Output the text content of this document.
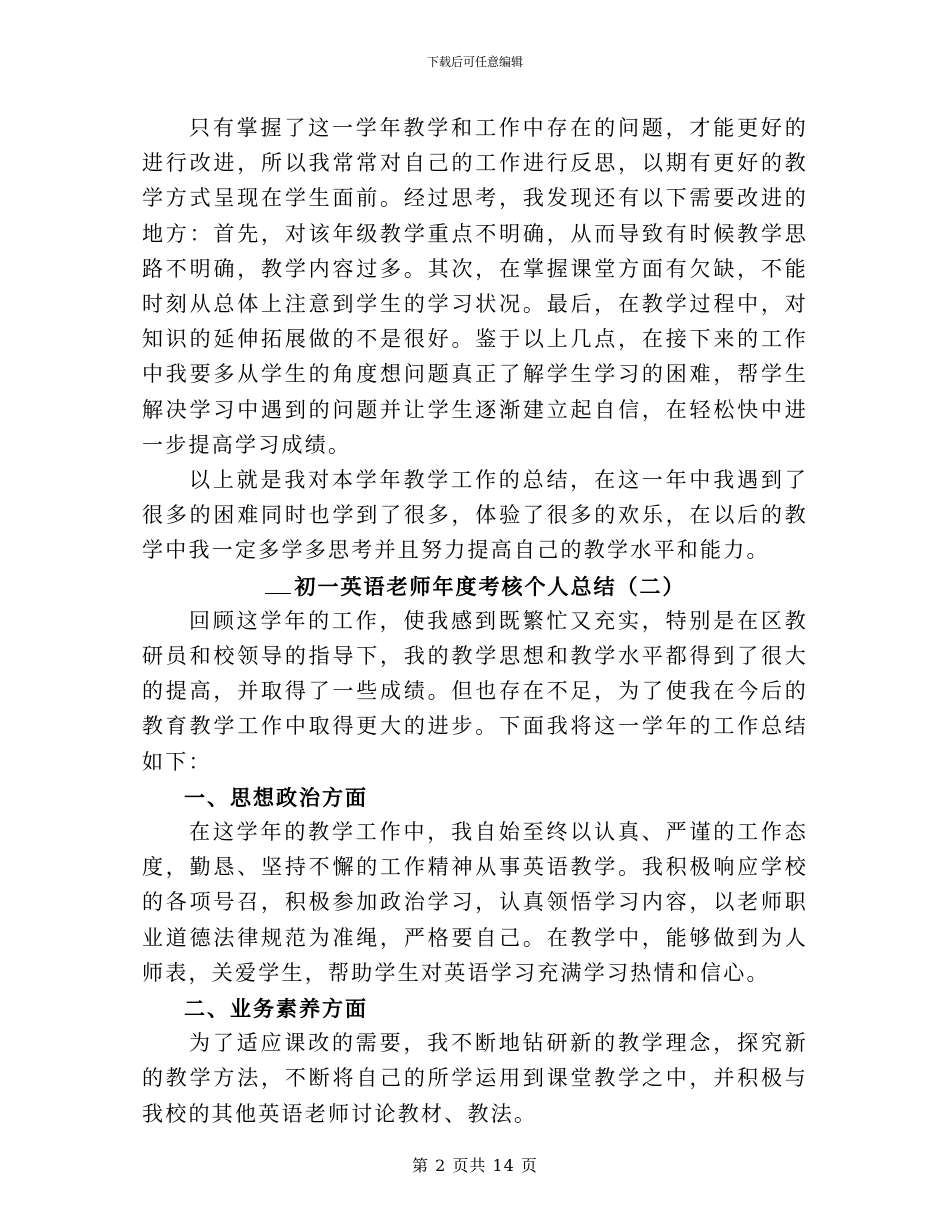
下载后可任意编辑

只有掌握了这一学年教学和工作中存在的问题，才能更好的进行改进，所以我常常对自己的工作进行反思，以期有更好的教学方式呈现在学生面前。经过思考，我发现还有以下需要改进的地方：首先，对该年级教学重点不明确，从而导致有时候教学思路不明确，教学内容过多。其次，在掌握课堂方面有欠缺，不能时刻从总体上注意到学生的学习状况。最后，在教学过程中，对知识的延伸拓展做的不是很好。鉴于以上几点，在接下来的工作中我要多从学生的角度想问题真正了解学生学习的困难，帮学生解决学习中遇到的问题并让学生逐渐建立起自信，在轻松快中进一步提高学习成绩。

以上就是我对本学年教学工作的总结，在这一年中我遇到了很多的困难同时也学到了很多，体验了很多的欢乐，在以后的教学中我一定多学多思考并且努力提高自己的教学水平和能力。

初一英语老师年度考核个人总结（二）

回顾这学年的工作，使我感到既繁忙又充实，特别是在区教研员和校领导的指导下，我的教学思想和教学水平都得到了很大的提高，并取得了一些成绩。但也存在不足，为了使我在今后的教育教学工作中取得更大的进步。下面我将这一学年的工作总结如下：

一、思想政治方面

在这学年的教学工作中，我自始至终以认真、严谨的工作态度，勤恳、坚持不懈的工作精神从事英语教学。我积极响应学校的各项号召，积极参加政治学习，认真领悟学习内容，以老师职业道德法律规范为准绳，严格要自己。在教学中，能够做到为人师表，关爱学生，帮助学生对英语学习充满学习热情和信心。

二、业务素养方面

为了适应课改的需要，我不断地钻研新的教学理念，探究新的教学方法，不断将自己的所学运用到课堂教学之中，并积极与我校的其他英语老师讨论教材、教法。

第 2 页共 14 页
